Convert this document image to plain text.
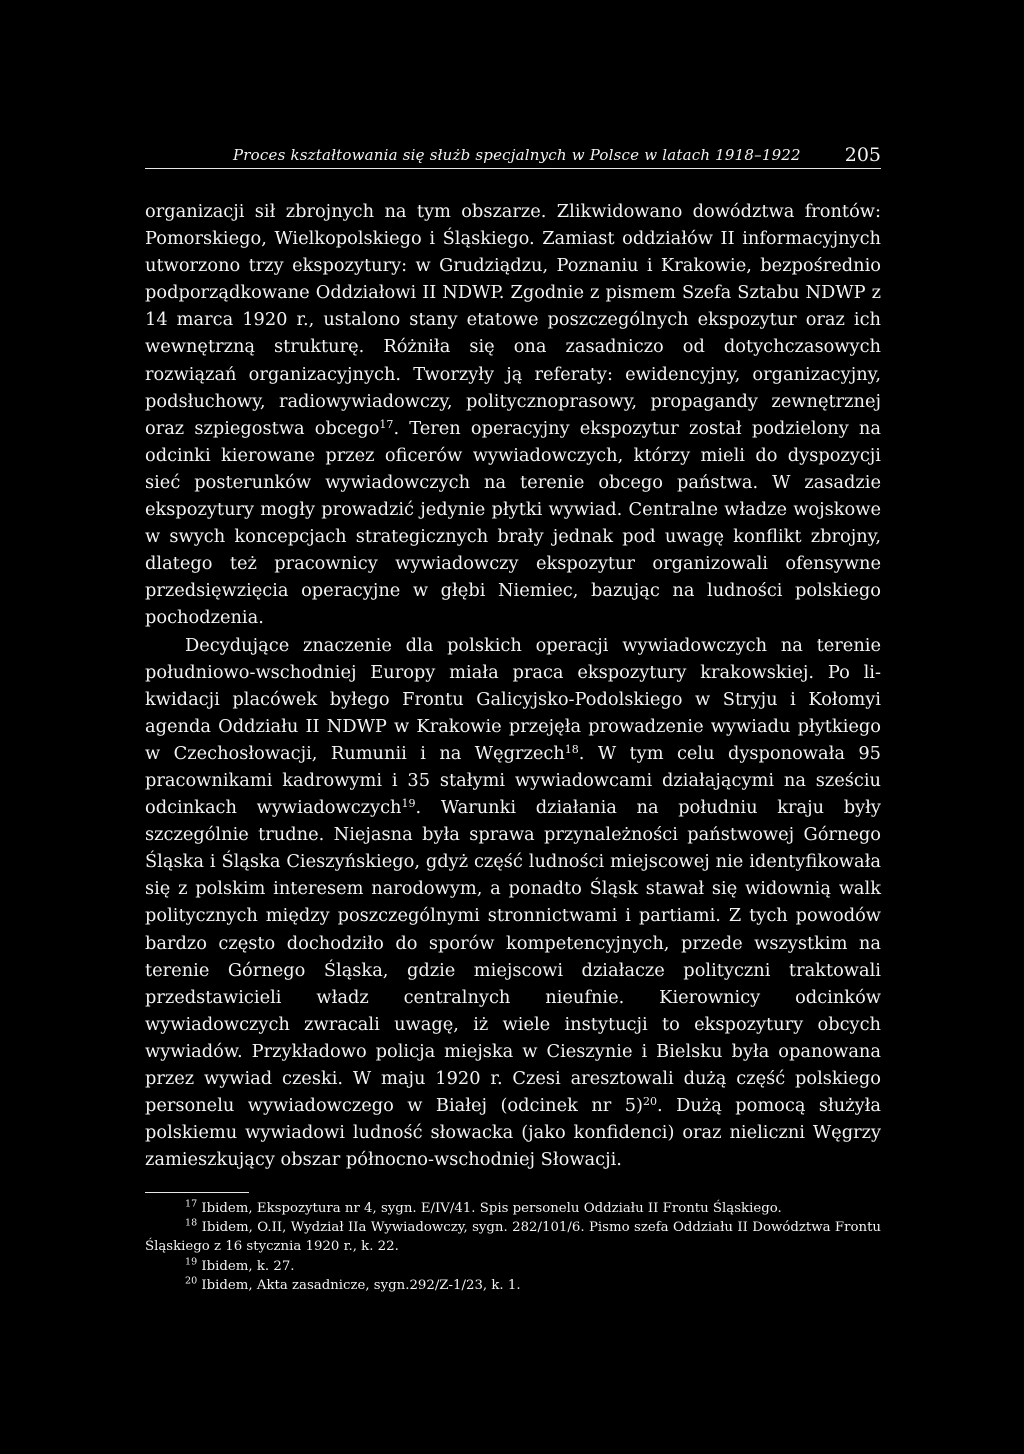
Proces kształtowania się służb specjalnych w Polsce w latach 1918–1922 205

organizacji sił zbrojnych na tym obszarze. Zlikwidowano dowództwa frontów: Pomorskiego, Wielkopolskiego i Śląskiego. Zamiast oddziałów II informacyjnych utworzono trzy ekspozytury: w Grudziądzu, Poznaniu i Krakowie, bezpośrednio podporządkowane Oddziałowi II NDWP. Zgodnie z pismem Szefa Sztabu NDWP z 14 marca 1920 r., ustalono stany etatowe poszczególnych ekspozytur oraz ich wewnętrzną strukturę. Różniła się ona zasadniczo od dotychczasowych rozwiązań organizacyjnych. Tworzyły ją referaty: ewidencyjny, organizacyjny, podsłuchowy, radiowywiadowczy, politycznoprasowy, propagandy zewnętrznej oraz szpiegostwa obcego$^{17}$. Teren operacyjny ekspozytur został podzielony na odcinki kierowane przez oficerów wywiadowczych, którzy mieli do dyspozycji sieć posterunków wywiadowczych na terenie obcego państwa. W zasadzie ekspozytury mogły prowadzić jedynie płytki wywiad. Centralne władze wojskowe w swych koncepcjach strategicznych brały jednak pod uwagę konflikt zbrojny, dlatego też pracownicy wywiadowczy ekspozytur organizowali ofensywne przedsięwzięcia operacyjne w głębi Niemiec, bazując na ludności polskiego pochodzenia.

Decydujące znaczenie dla polskich operacji wywiadowczych na terenie południowo-wschodniej Europy miała praca ekspozytury krakowskiej. Po likwidacji placówek byłego Frontu Galicyjsko-Podolskiego w Stryju i Kołomyi agenda Oddziału II NDWP w Krakowie przejęła prowadzenie wywiadu płytkiego w Czechosłowacji, Rumunii i na Węgrzech$^{18}$. W tym celu dysponowała 95 pracownikami kadrowymi i 35 stałymi wywiadowcami działającymi na sześciu odcinkach wywiadowczych$^{19}$. Warunki działania na południu kraju były szczególnie trudne. Niejasna była sprawa przynależności państwowej Górnego Śląska i Śląska Cieszyńskiego, gdyż część ludności miejscowej nie identyfikowała się z polskim interesem narodowym, a ponadto Śląsk stawał się widownią walk politycznych między poszczególnymi stronnictwami i partiami. Z tych powodów bardzo często dochodziło do sporów kompetencyjnych, przede wszystkim na terenie Górnego Śląska, gdzie miejscowi działacze polityczni traktowali przedstawicieli władz centralnych nieufnie. Kierownicy odcinków wywiadowczych zwracali uwagę, iż wiele instytucji to ekspozytury obcych wywiadów. Przykładowo policja miejska w Cieszynie i Bielsku była opanowana przez wywiad czeski. W maju 1920 r. Czesi aresztowali dużą część polskiego personelu wywiadowczego w Białej (odcinek nr 5)$^{20}$. Dużą pomocą służyła polskiemu wywiadowi ludność słowacka (jako konfidenci) oraz nieliczni Węgrzy zamieszkujący obszar północno-wschodniej Słowacji.

$^{17}$ Ibidem, Ekspozytura nr 4, sygn. E/IV/41. Spis personelu Oddziału II Frontu Śląskiego.

$^{18}$ Ibidem, O.II, Wydział IIa Wywiadowczy, sygn. 282/101/6. Pismo szefa Oddziału II Dowództwa Frontu Śląskiego z 16 stycznia 1920 r., k. 22.

$^{19}$ Ibidem, k. 27.

$^{20}$ Ibidem, Akta zasadnicze, sygn.292/Z-1/23, k. 1.
